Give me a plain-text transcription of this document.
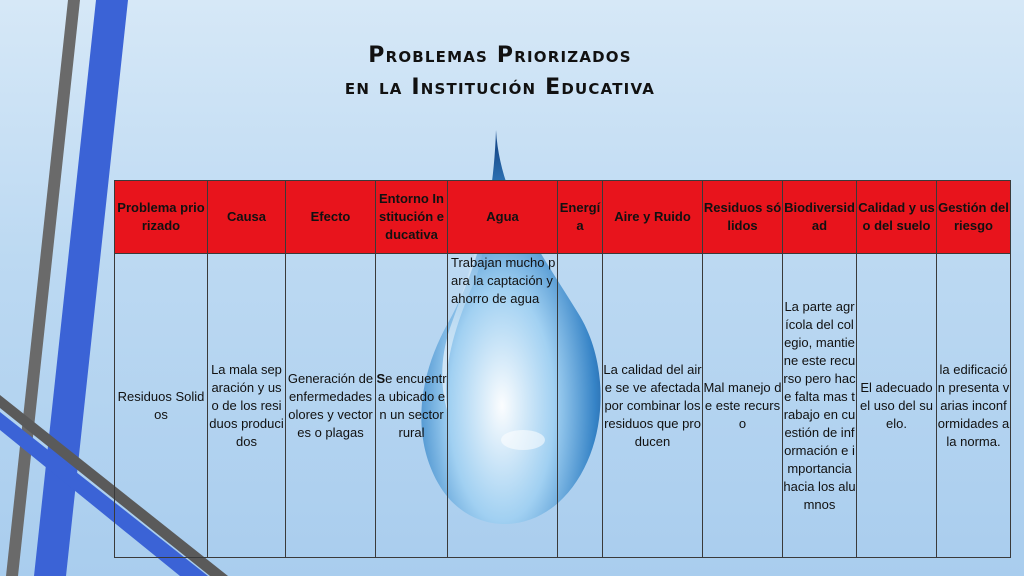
Problemas Priorizados
en la Institución Educativa
Problema priorizado	Causa	Efecto	Entorno Institución educativa	Agua	Energía	Aire y Ruido	Residuos sólidos	Biodiversidad	Calidad y uso del suelo	Gestión del riesgo
Residuos Solidos	La mala separación y uso de los residuos producidos	Generación de enfermedades olores y vectores o plagas	Se encuentra ubicado en un sector rural	Trabajan mucho para la captación y ahorro de agua		La calidad del aire se ve afectada por combinar los residuos que producen	Mal manejo de este recurso	La parte agrícola del colegio, mantiene este recurso pero hace falta mas trabajo en cuestión de información e importancia hacia los alumnos	El adecuado el uso del suelo.	la edificación presenta varias inconformidades a la norma.
